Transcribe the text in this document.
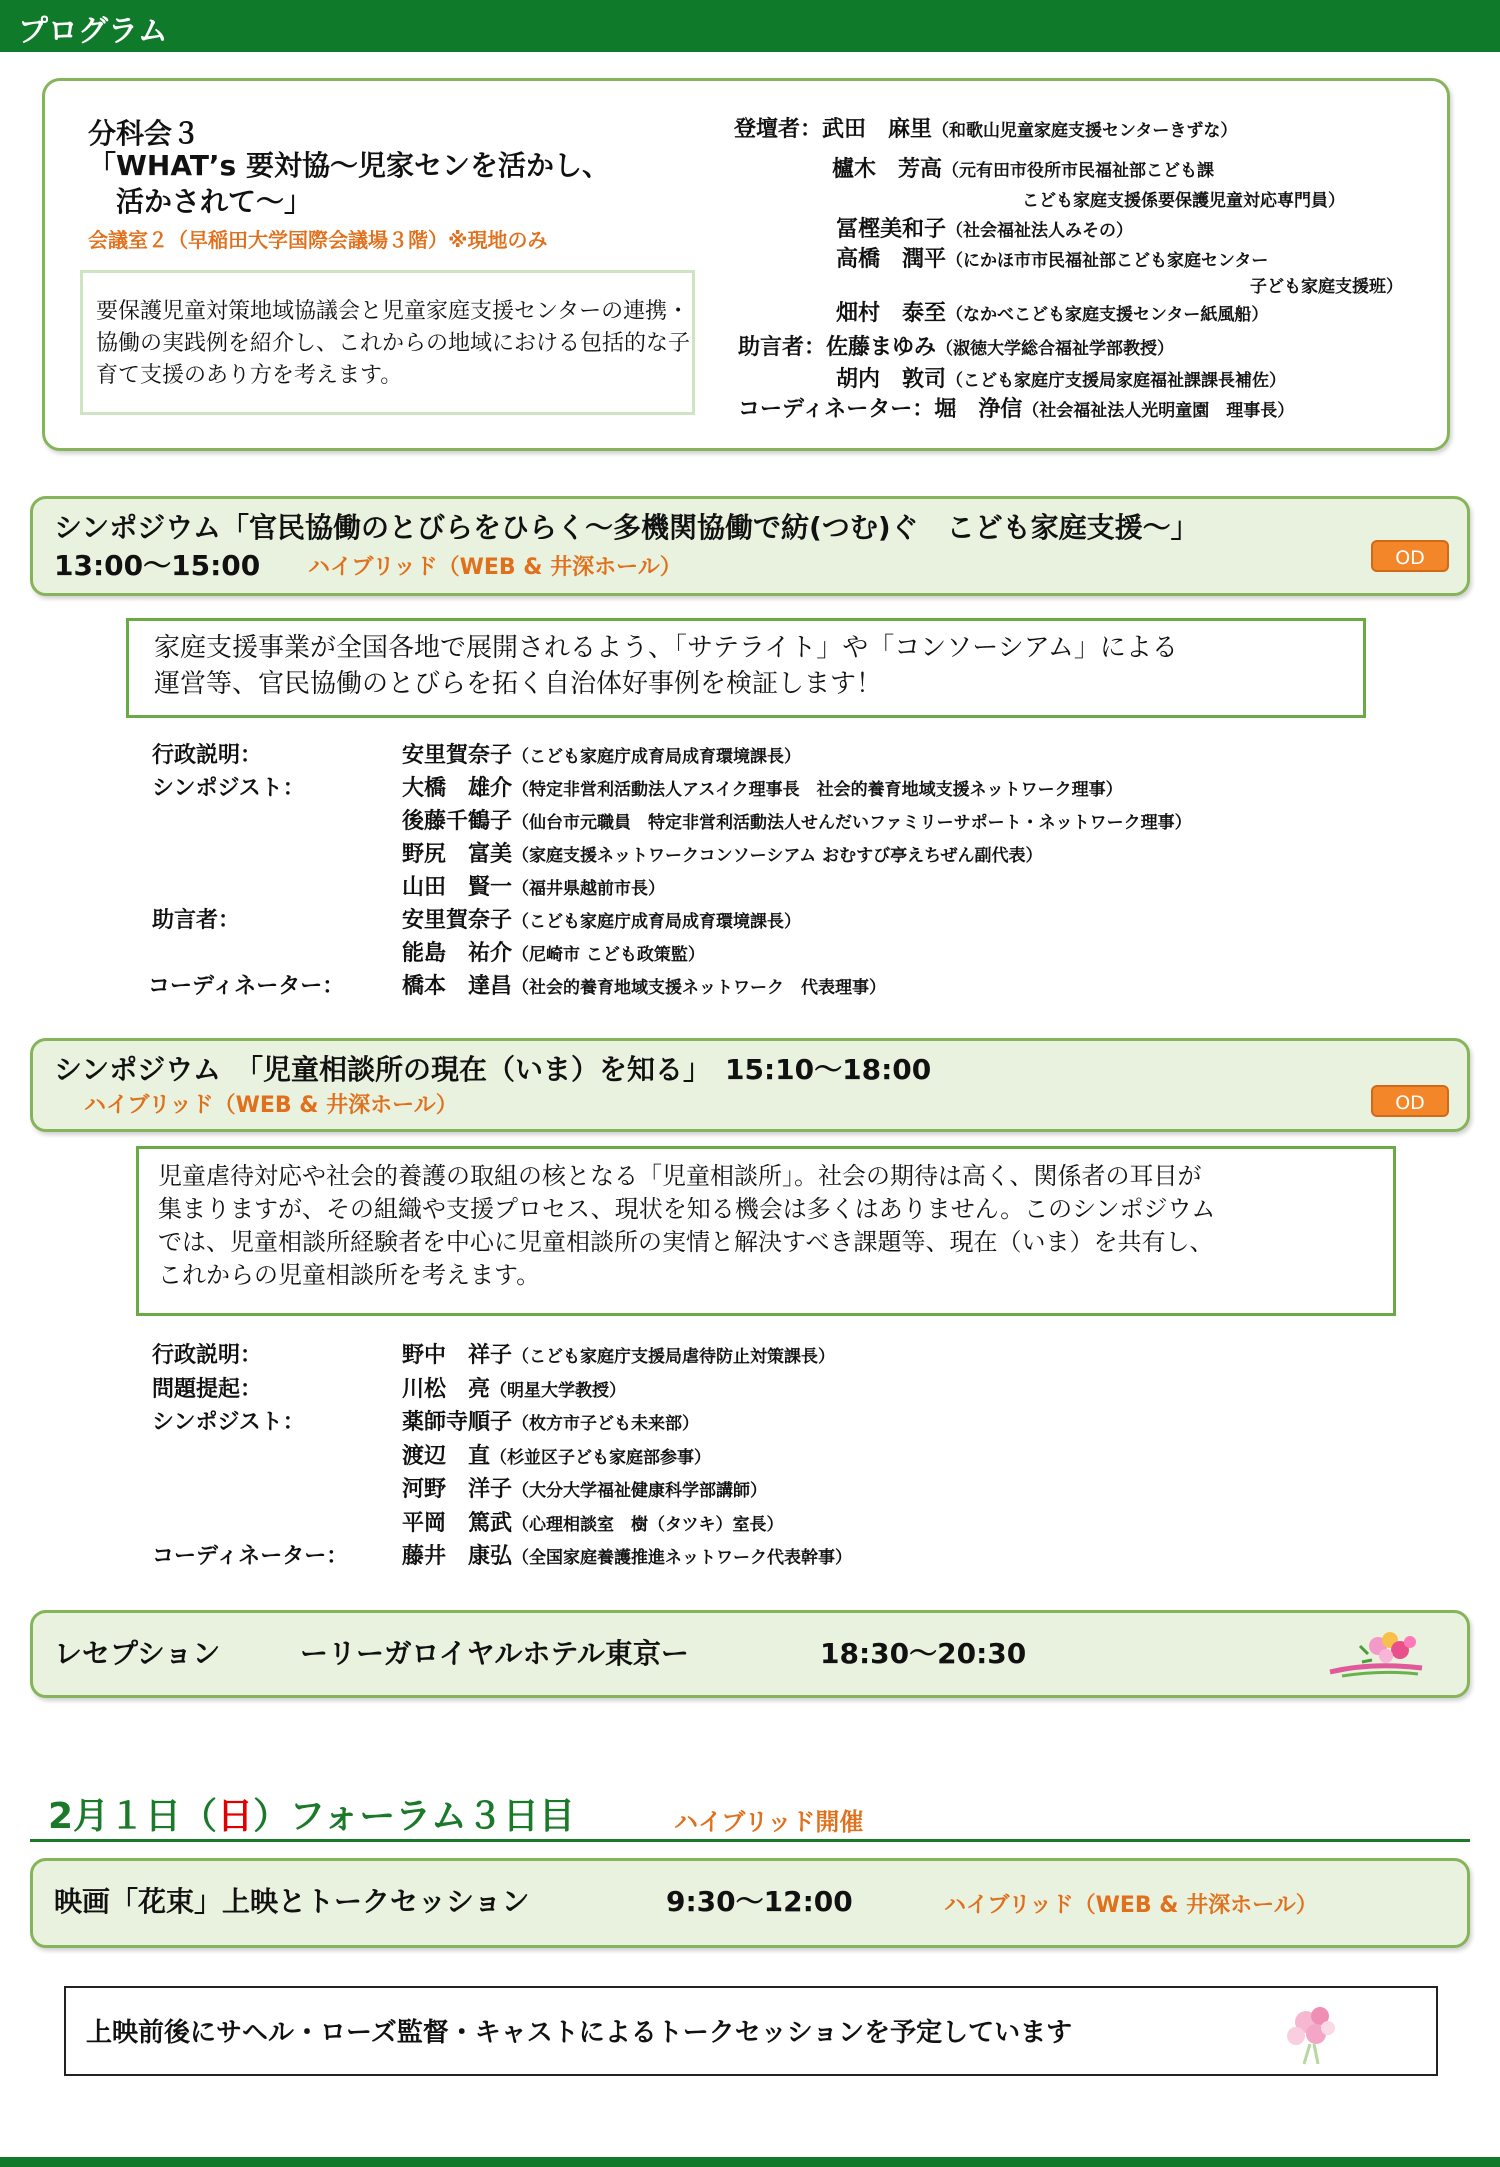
プログラム
分科会３
「WHAT’s 要対協～児家センを活かし、
活かされて～」
会議室２（早稲田大学国際会議場３階）※現地のみ
要保護児童対策地域協議会と児童家庭支援センターの連携・協働の実践例を紹介し、これからの地域における包括的な子育て支援のあり方を考えます。
登壇者：武田　麻里（和歌山児童家庭支援センターきずな）
櫨木　芳高（元有田市役所市民福祉部こども課
こども家庭支援係要保護児童対応専門員）
冨樫美和子（社会福祉法人みその）
高橋　潤平（にかほ市市民福祉部こども家庭センター
子ども家庭支援班）
畑村　泰至（なかべこども家庭支援センター紙風船）
助言者：佐藤まゆみ（淑徳大学総合福祉学部教授）
胡内　敦司（こども家庭庁支援局家庭福祉課課長補佐）
コーディネーター：堀　浄信（社会福祉法人光明童園　理事長）
シンポジウム「官民協働のとびらをひらく～多機関協働で紡(つむ)ぐ　こども家庭支援～」
13:00～15:00 ハイブリッド（WEB & 井深ホール）	OD
家庭支援事業が全国各地で展開されるよう、「サテライト」や「コンソーシアム」による
運営等、官民協働のとびらを拓く自治体好事例を検証します！
行政説明：	安里賀奈子（こども家庭庁成育局成育環境課長）
シンポジスト：	大橋　雄介（特定非営利活動法人アスイク理事長　社会的養育地域支援ネットワーク理事）
後藤千鶴子（仙台市元職員　特定非営利活動法人せんだいファミリーサポート・ネットワーク理事）
野尻　富美（家庭支援ネットワークコンソーシアム おむすび亭えちぜん副代表）
山田　賢一（福井県越前市長）
助言者：	安里賀奈子（こども家庭庁成育局成育環境課長）
能島　祐介（尼崎市 こども政策監）
コーディネーター：	橋本　達昌（社会的養育地域支援ネットワーク　代表理事）
シンポジウム　「児童相談所の現在（いま）を知る」　15:10～18:00
ハイブリッド（WEB & 井深ホール）	OD
児童虐待対応や社会的養護の取組の核となる「児童相談所」。社会の期待は高く、関係者の耳目が
集まりますが、その組織や支援プロセス、現状を知る機会は多くはありません。このシンポジウム
では、児童相談所経験者を中心に児童相談所の実情と解決すべき課題等、現在（いま）を共有し、
これからの児童相談所を考えます。
行政説明：	野中　祥子（こども家庭庁支援局虐待防止対策課長）
問題提起：	川松　亮（明星大学教授）
シンポジスト：	薬師寺順子（枚方市子ども未来部）
渡辺　直（杉並区子ども家庭部参事）
河野　洋子（大分大学福祉健康科学部講師）
平岡　篤武（心理相談室　樹（タツキ）室長）
コーディネーター： 藤井　康弘（全国家庭養護推進ネットワーク代表幹事）
レセプション	ーリーガロイヤルホテル東京ー	18:30～20:30
2月１日（日）フォーラム３日目	ハイブリッド開催
映画「花束」上映とトークセッション	9:30～12:00	ハイブリッド（WEB & 井深ホール）
上映前後にサヘル・ローズ監督・キャストによるトークセッションを予定しています
